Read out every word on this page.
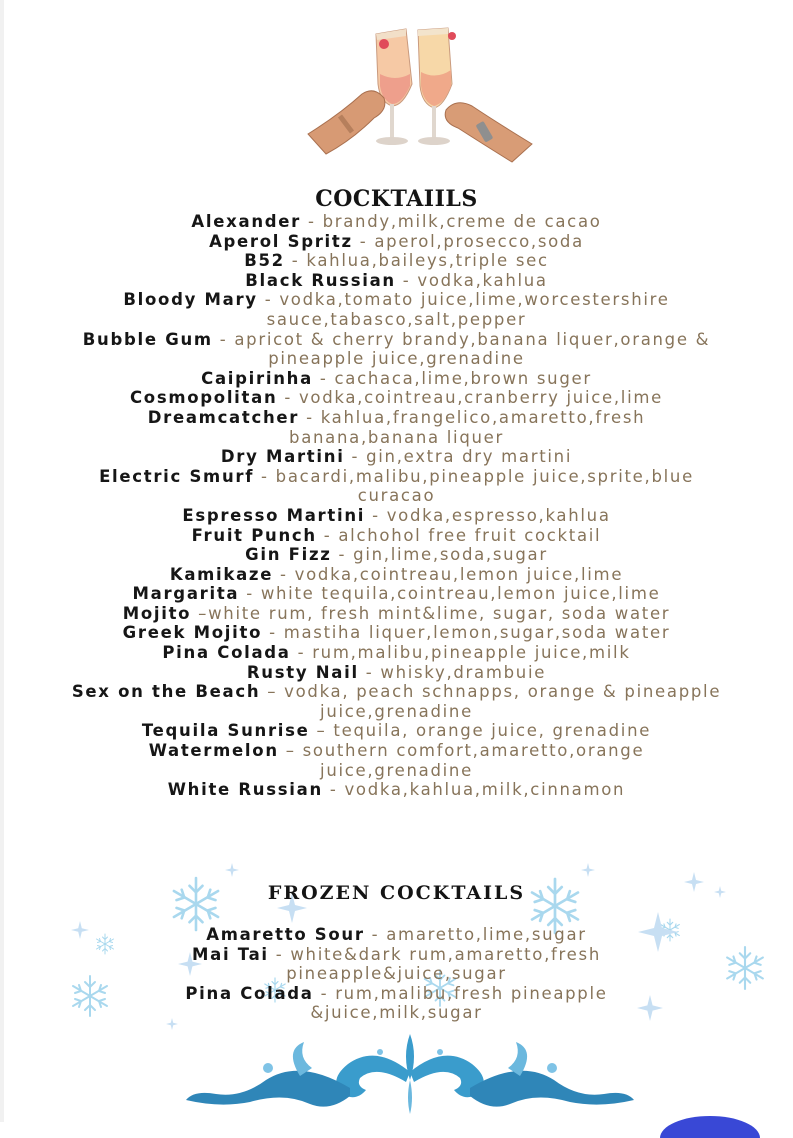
COCKTAIILS
Alexander - brandy,milk,creme de cacao
Aperol Spritz - aperol,prosecco,soda
B52 - kahlua,baileys,triple sec
Black Russian - vodka,kahlua
Bloody Mary - vodka,tomato juice,lime,worcestershire
sauce,tabasco,salt,pepper
Bubble Gum - apricot & cherry brandy,banana liquer,orange &
pineapple juice,grenadine
Caipirinha - cachaca,lime,brown suger
Cosmopolitan - vodka,cointreau,cranberry juice,lime
Dreamcatcher - kahlua,frangelico,amaretto,fresh
banana,banana liquer
Dry Martini - gin,extra dry martini
Electric Smurf - bacardi,malibu,pineapple juice,sprite,blue
curacao
Espresso Martini - vodka,espresso,kahlua
Fruit Punch - alchohol free fruit cocktail
Gin Fizz - gin,lime,soda,sugar
Kamikaze - vodka,cointreau,lemon juice,lime
Margarita - white tequila,cointreau,lemon juice,lime
Mojito –white rum, fresh mint&lime, sugar, soda water
Greek Mojito - mastiha liquer,lemon,sugar,soda water
Pina Colada - rum,malibu,pineapple juice,milk
Rusty Nail - whisky,drambuie
Sex on the Beach – vodka, peach schnapps, orange & pineapple
juice,grenadine
Tequila Sunrise – tequila, orange juice, grenadine
Watermelon – southern comfort,amaretto,orange
juice,grenadine
White Russian - vodka,kahlua,milk,cinnamon
FROZEN COCKTAILS
Amaretto Sour - amaretto,lime,sugar
Mai Tai - white&dark rum,amaretto,fresh
pineapple&juice,sugar
Pina Colada - rum,malibu,fresh pineapple
&juice,milk,sugar
